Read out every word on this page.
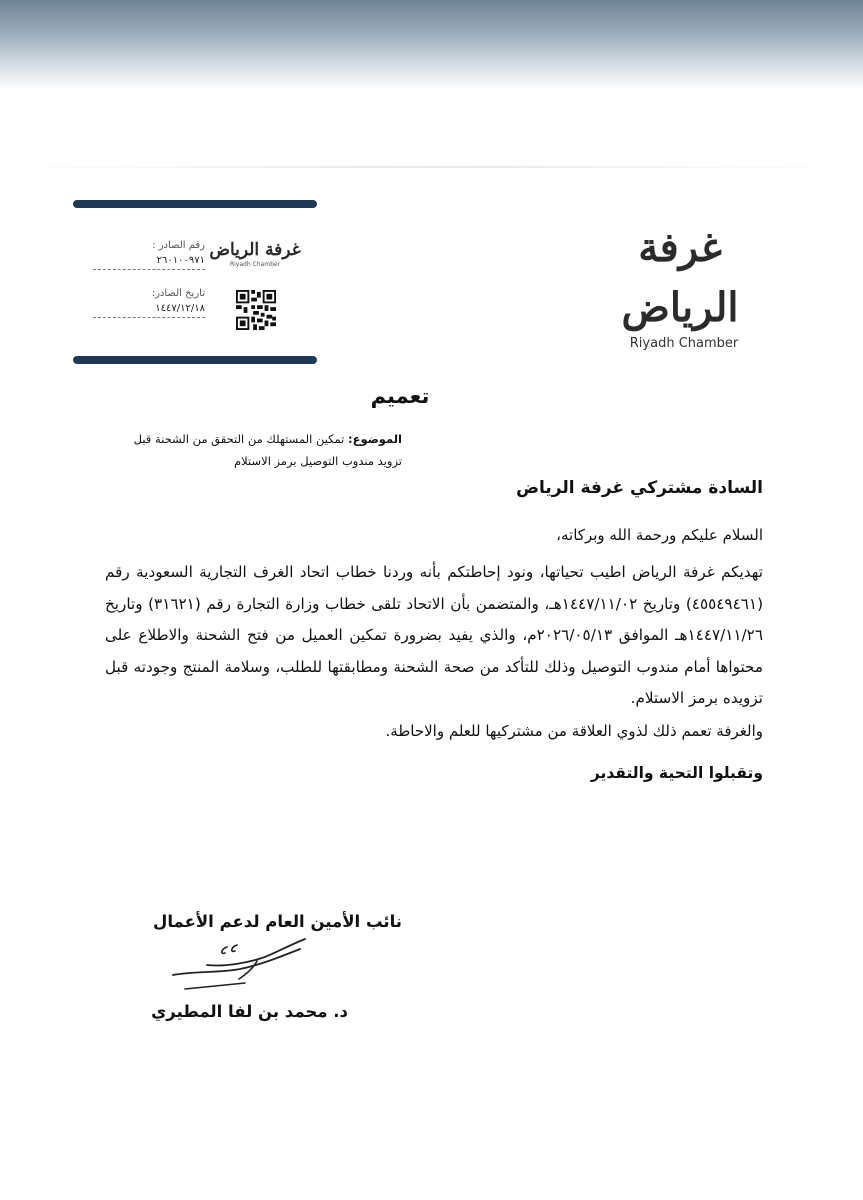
رقم الصادر :
٢٦٠١٠٠٩٧١
تاريخ الصادر:
١٤٤٧/١٢/١٨
غرفة الرياض
Riyadh Chamber	غرفة الرياض
Riyadh Chamber
تعميم
الموضوع: تمكين المستهلك من التحقق من الشحنة قبل
تزويد مندوب التوصيل برمز الاستلام
السادة مشتركي غرفة الرياض
السلام عليكم ورحمة الله وبركاته،
تهديكم غرفة الرياض اطيب تحياتها، ونود إحاطتكم بأنه وردنا خطاب اتحاد الغرف التجارية السعودية رقم (٤٥٥٤٩٤٦١) وتاريخ ١٤٤٧/١١/٠٢هـ، والمتضمن بأن الاتحاد تلقى خطاب وزارة التجارة رقم (٣١٦٢١) وتاريخ ١٤٤٧/١١/٢٦هـ الموافق ٢٠٢٦/٠٥/١٣م، والذي يفيد بضرورة تمكين العميل من فتح الشحنة والاطلاع على محتواها أمام مندوب التوصيل وذلك للتأكد من صحة الشحنة ومطابقتها للطلب، وسلامة المنتج وجودته قبل تزويده برمز الاستلام.
والغرفة تعمم ذلك لذوي العلاقة من مشتركيها للعلم والاحاطة.
وتقبلوا التحية والتقدير
نائب الأمين العام لدعم الأعمال
د. محمد بن لفا المطيري
